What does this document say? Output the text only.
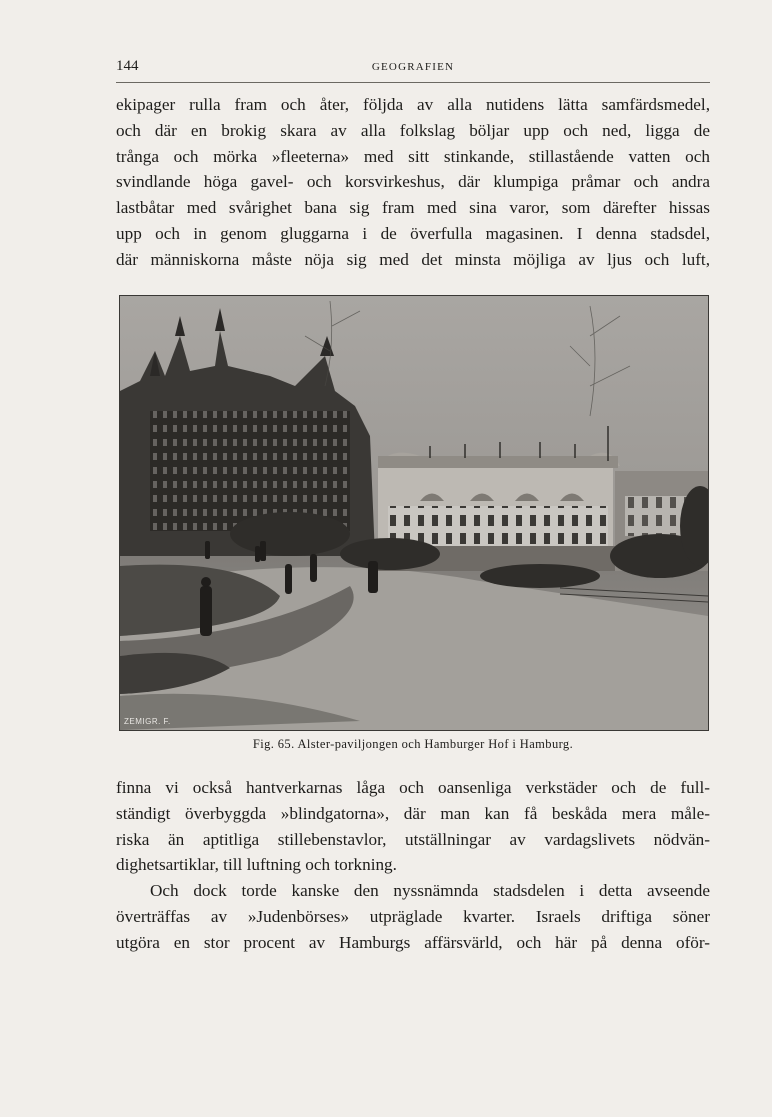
144	GEOGRAFIEN
ekipager rulla fram och åter, följda av alla nutidens lätta samfärdsmedel,
och där en brokig skara av alla folkslag böljar upp och ned, ligga de
trånga och mörka »fleeterna» med sitt stinkande, stillastående vatten och
svindlande höga gavel- och korsvirkeshus, där klumpiga pråmar och andra
lastbåtar med svårighet bana sig fram med sina varor, som därefter hissas
upp och in genom gluggarna i de överfulla magasinen. I denna stadsdel,
där människorna måste nöja sig med det minsta möjliga av ljus och luft,
ZEMIGR. F.
Fig. 65. Alster-paviljongen och Hamburger Hof i Hamburg.
finna vi också hantverkarnas låga och oansenliga verkstäder och de full-
ständigt överbyggda »blindgatorna», där man kan få beskåda mera måle-
riska än aptitliga stillebenstavlor, utställningar av vardagslivets nödvän-
dighetsartiklar, till luftning och torkning.
Och dock torde kanske den nyssnämnda stadsdelen i detta avseende
överträffas av »Judenbörses» utpräglade kvarter. Israels driftiga söner
utgöra en stor procent av Hamburgs affärsvärld, och här på denna oför-
